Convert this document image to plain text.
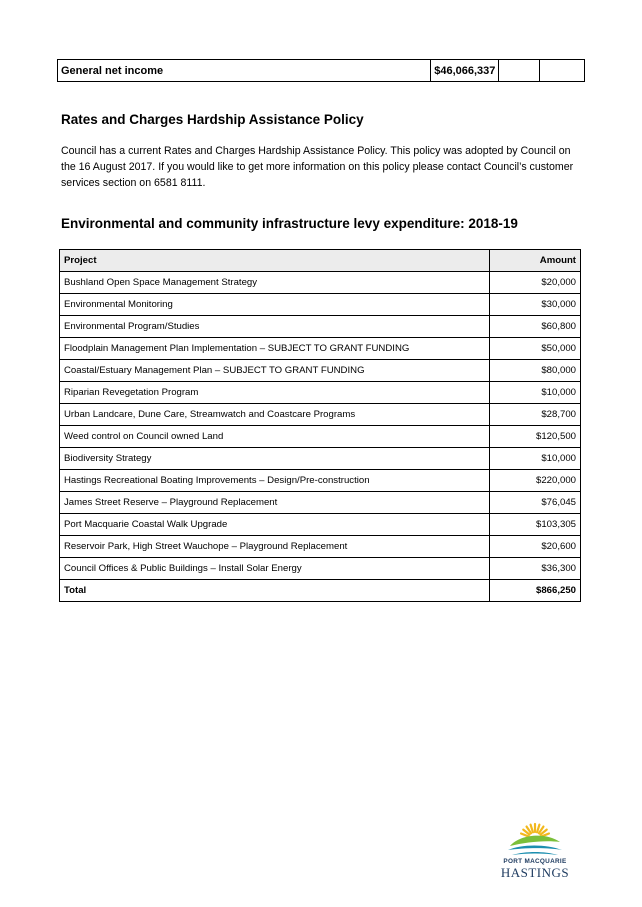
General net income	$46,066,337		
Rates and Charges Hardship Assistance Policy

Council has a current Rates and Charges Hardship Assistance Policy. This policy was adopted by Council on the 16 August 2017. If you would like to get more information on this policy please contact Council’s customer services section on 6581 8111.

Environmental and community infrastructure levy expenditure: 2018-19
Project	Amount
Bushland Open Space Management Strategy	$20,000
Environmental Monitoring	$30,000
Environmental Program/Studies	$60,800
Floodplain Management Plan Implementation – SUBJECT TO GRANT FUNDING	$50,000
Coastal/Estuary Management Plan – SUBJECT TO GRANT FUNDING	$80,000
Riparian Revegetation Program	$10,000
Urban Landcare, Dune Care, Streamwatch and Coastcare Programs	$28,700
Weed control on Council owned Land	$120,500
Biodiversity Strategy	$10,000
Hastings Recreational Boating Improvements – Design/Pre-construction	$220,000
James Street Reserve – Playground Replacement	$76,045
Port Macquarie Coastal Walk Upgrade	$103,305
Reservoir Park, High Street Wauchope – Playground Replacement	$20,600
Council Offices & Public Buildings – Install Solar Energy	$36,300
Total	$866,250
PORT MACQUARIE
HASTINGS
